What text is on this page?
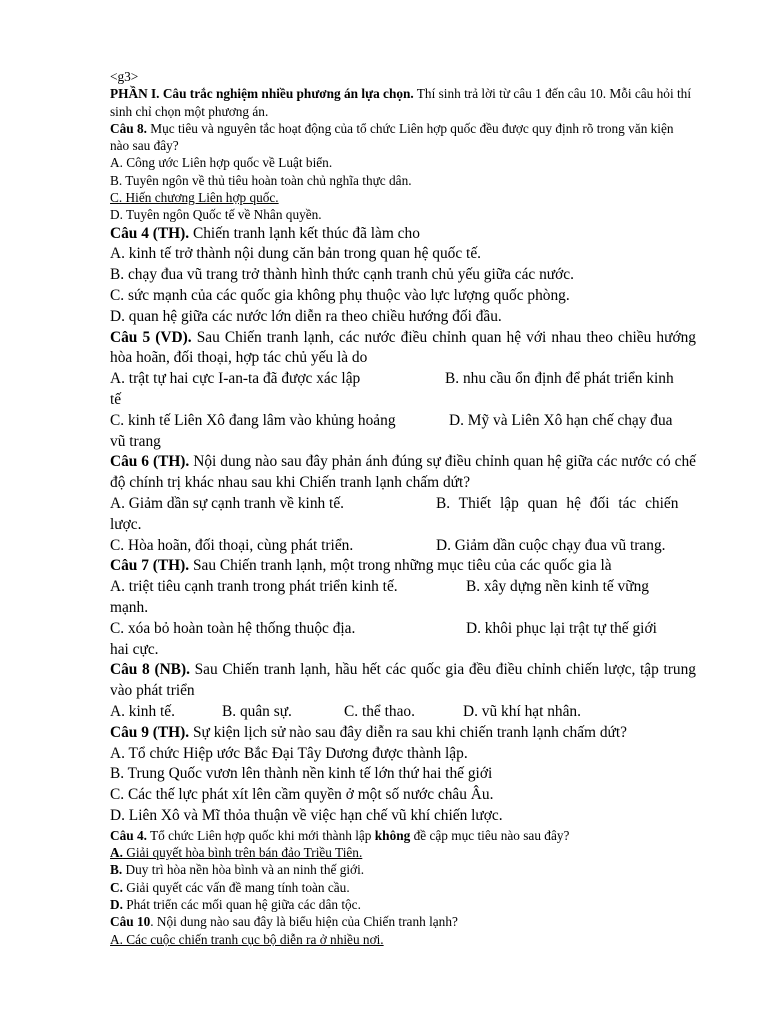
<g3>

PHẦN I. Câu trắc nghiệm nhiều phương án lựa chọn. Thí sinh trả lời từ câu 1 đến câu 10. Mỗi câu hỏi thí sinh chỉ chọn một phương án.

Câu 8. Mục tiêu và nguyên tắc hoạt động của tổ chức Liên hợp quốc đều được quy định rõ trong văn kiện nào sau đây?

A. Công ước Liên hợp quốc về Luật biển.

B. Tuyên ngôn về thủ tiêu hoàn toàn chủ nghĩa thực dân.

C. Hiến chương Liên hợp quốc.

D. Tuyên ngôn Quốc tế về Nhân quyền.

Câu 4 (TH). Chiến tranh lạnh kết thúc đã làm cho

A. kinh tế trở thành nội dung căn bản trong quan hệ quốc tế.

B. chạy đua vũ trang trở thành hình thức cạnh tranh chủ yếu giữa các nước.

C. sức mạnh của các quốc gia không phụ thuộc vào lực lượng quốc phòng.

D. quan hệ giữa các nước lớn diễn ra theo chiều hướng đối đầu.

Câu 5 (VD). Sau Chiến tranh lạnh, các nước điều chỉnh quan hệ với nhau theo chiều hướng hòa hoãn, đối thoại, hợp tác chủ yếu là do

A. trật tự hai cực I-an-ta đã được xác lập	B. nhu cầu ổn định để phát triển kinh

tế

C. kinh tế Liên Xô đang lâm vào khủng hoảng	D. Mỹ và Liên Xô hạn chế chạy đua

vũ trang

Câu 6 (TH). Nội dung nào sau đây phản ánh đúng sự điều chỉnh quan hệ giữa các nước có chế độ chính trị khác nhau sau khi Chiến tranh lạnh chấm dứt?

A. Giảm dần sự cạnh tranh về kinh tế.	B. Thiết lập quan hệ đối tác chiến

lược.

C. Hòa hoãn, đối thoại, cùng phát triển.	D. Giảm dần cuộc chạy đua vũ trang.

Câu 7 (TH). Sau Chiến tranh lạnh, một trong những mục tiêu của các quốc gia là

A. triệt tiêu cạnh tranh trong phát triển kinh tế.	B. xây dựng nền kinh tế vững

mạnh.

C. xóa bỏ hoàn toàn hệ thống thuộc địa.	D. khôi phục lại trật tự thế giới

hai cực.

Câu 8 (NB). Sau Chiến tranh lạnh, hầu hết các quốc gia đều điều chỉnh chiến lược, tập trung vào phát triển

A. kinh tế.	B. quân sự.	C. thể thao.	D. vũ khí hạt nhân.

Câu 9 (TH). Sự kiện lịch sử nào sau đây diễn ra sau khi chiến tranh lạnh chấm dứt?

A. Tổ chức Hiệp ước Bắc Đại Tây Dương được thành lập.

B. Trung Quốc vươn lên thành nền kinh tế lớn thứ hai thế giới

C. Các thế lực phát xít lên cầm quyền ở một số nước châu Âu.

D. Liên Xô và Mĩ thỏa thuận về việc hạn chế vũ khí chiến lược.

Câu 4. Tổ chức Liên hợp quốc khi mới thành lập không đề cập mục tiêu nào sau đây?

A. Giải quyết hòa bình trên bán đảo Triều Tiên.

B. Duy trì hòa nền hòa bình và an ninh thế giới.

C. Giải quyết các vấn đề mang tính toàn cầu.

D. Phát triển các mối quan hệ giữa các dân tộc.

Câu 10. Nội dung nào sau đây là biểu hiện của Chiến tranh lạnh?

A. Các cuộc chiến tranh cục bộ diễn ra ở nhiều nơi.
